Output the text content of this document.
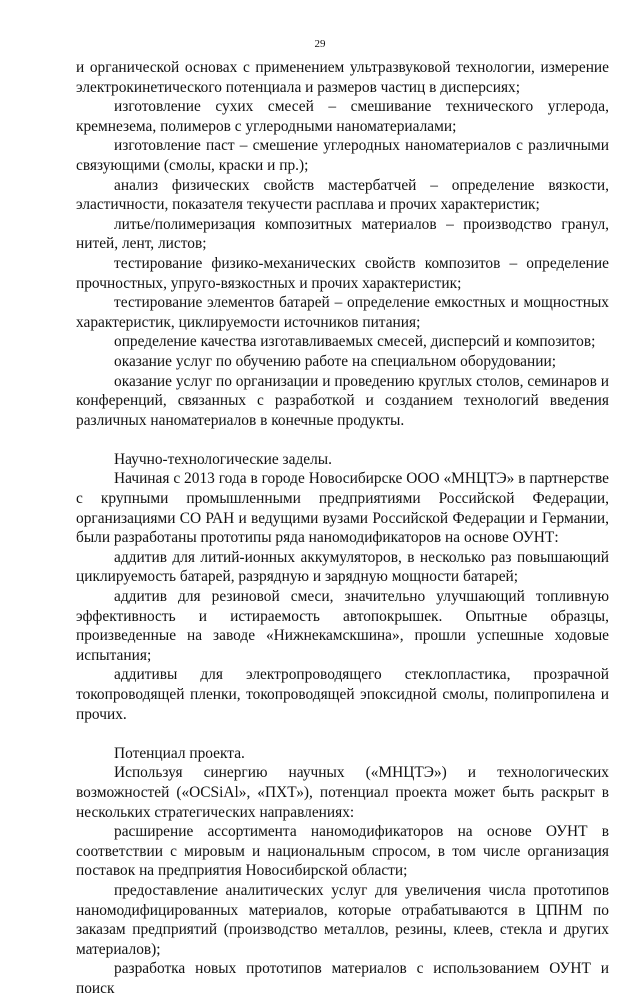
29

и органической основах с применением ультразвуковой технологии, измерение электрокинетического потенциала и размеров частиц в дисперсиях;

изготовление сухих смесей – смешивание технического углерода, кремнезема, полимеров с углеродными наноматериалами;

изготовление паст – смешение углеродных наноматериалов с различными связующими (смолы, краски и пр.);

анализ физических свойств мастербатчей – определение вязкости, эластичности, показателя текучести расплава и прочих характеристик;

литье/полимеризация композитных материалов – производство гранул, нитей, лент, листов;

тестирование физико-механических свойств композитов – определение прочностных, упруго-вязкостных и прочих характеристик;

тестирование элементов батарей – определение емкостных и мощностных характеристик, циклируемости источников питания;

определение качества изготавливаемых смесей, дисперсий и композитов;

оказание услуг по обучению работе на специальном оборудовании;

оказание услуг по организации и проведению круглых столов, семинаров и конференций, связанных с разработкой и созданием технологий введения различных наноматериалов в конечные продукты.

Научно-технологические заделы.

Начиная с 2013 года в городе Новосибирске ООО «МНЦТЭ» в партнерстве с крупными промышленными предприятиями Российской Федерации, организациями СО РАН и ведущими вузами Российской Федерации и Германии, были разработаны прототипы ряда наномодификаторов на основе ОУНТ:

аддитив для литий-ионных аккумуляторов, в несколько раз повышающий циклируемость батарей, разрядную и зарядную мощности батарей;

аддитив для резиновой смеси, значительно улучшающий топливную эффективность и истираемость автопокрышек. Опытные образцы, произведенные на заводе «Нижнекамскшина», прошли успешные ходовые испытания;

аддитивы для электропроводящего стеклопластика, прозрачной токопроводящей пленки, токопроводящей эпоксидной смолы, полипропилена и прочих.

Потенциал проекта.

Используя синергию научных («МНЦТЭ») и технологических возможностей («OCSiAl», «ПХТ»), потенциал проекта может быть раскрыт в нескольких стратегических направлениях:

расширение ассортимента наномодификаторов на основе ОУНТ в соответствии с мировым и национальным спросом, в том числе организация поставок на предприятия Новосибирской области;

предоставление аналитических услуг для увеличения числа прототипов наномодифицированных материалов, которые отрабатываются в ЦПНМ по заказам предприятий (производство металлов, резины, клеев, стекла и других материалов);

разработка новых прототипов материалов с использованием ОУНТ и поиск
